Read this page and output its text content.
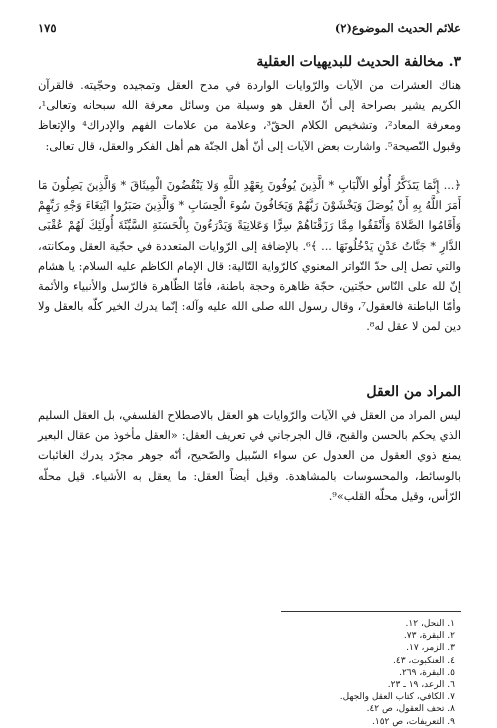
علائم الحديث الموضوع(٢)
١٧٥
٣. مخالفة الحديث للبديهيات العقلية

هناك العشرات من الآيات والرّوايات الواردة في مدح العقل وتمجيده وحجّيته. فالقرآن الكريم يشير بصراحة إلى أنّ العقل هو وسيلة من وسائل معرفة الله سبحانه وتعالى¹، ومعرفة المعاد²، وتشخيص الكلام الحقّ³، وعلامة من علامات الفهم والإدراك⁴ والإتعاظ وقبول النّصيحة⁵. واشارت بعض الآيات إلى أنّ أهل الجنّة هم أهل الفكر والعقل، قال تعالى:

﴿... إِنَّمَا يَتَذَكَّرُ أُولُو الأَلْبَابِ * الَّذِينَ يُوفُونَ بِعَهْدِ اللَّهِ وَلا يَنْقُضُونَ الْمِيثَاقَ * وَالَّذِينَ يَصِلُونَ مَا أَمَرَ اللَّهُ بِهِ أَنْ يُوصَلَ وَيَخْشَوْنَ رَبَّهُمْ وَيَخَافُونَ سُوءَ الْحِسَابِ * وَالَّذِينَ صَبَرُوا ابْتِغَاءَ وَجْهِ رَبِّهِمْ وَأَقَامُوا الصَّلاةَ وَأَنْفَقُوا مِمَّا رَزَقْنَاهُمْ سِرًّا وَعَلانِيَةً وَيَدْرَءُونَ بِالْحَسَنَةِ السَّيِّئَةَ أُولَئِكَ لَهُمْ عُقْبَى الدَّارِ * جَنَّاتُ عَدْنٍ يَدْخُلُونَهَا ... ﴾⁶. بالإضافة إلى الرّوايات المتعددة في حجّية العقل ومكانته، والتي تصل إلى حدّ التّواتر المعنوي كالرّواية التّالية: قال الإمام الكاظم عليه السلام: يا هشام إنّ لله على النّاس حجّتين، حجّة ظاهرة وحجة باطنة، فأمّا الظّاهرة فالرّسل والأنبياء والأئمة وأمّا الباطنة فالعقول⁷، وقال رسول الله صلى الله عليه وآله: إنّما يدرك الخير كلّه بالعقل ولا دين لمن لا عقل له⁸.

المراد من العقل

ليس المراد من العقل في الآيات والرّوايات هو العقل بالاصطلاح الفلسفي، بل العقل السليم الذي يحكم بالحسن والقبح، قال الجرجاني في تعريف العقل: «العقل مأخوذ من عقال البعير يمنع ذوي العقول من العدول عن سواء السّبيل والصّحيح، أنّه جوهر مجرّد يدرك الغائبات بالوسائط، والمحسوسات بالمشاهدة. وقيل أيضاً العقل: ما يعقل به الأشياء. قيل محلّه الرّأس، وقيل محلّه القلب»⁹.

١. النحل، ١٢.
٢. البقرة، ٧٣.
٣. الزمر، ١٧.
٤. العنكبوت، ٤٣.
٥. البقرة، ٢٦٩.
٦. الرعد، ١٩ ـ ٢٣.
٧. الكافي، كتاب العقل والجهل.
٨. تحف العقول، ص ٤٢.
٩. التعريفات، ص ١٥٢.
